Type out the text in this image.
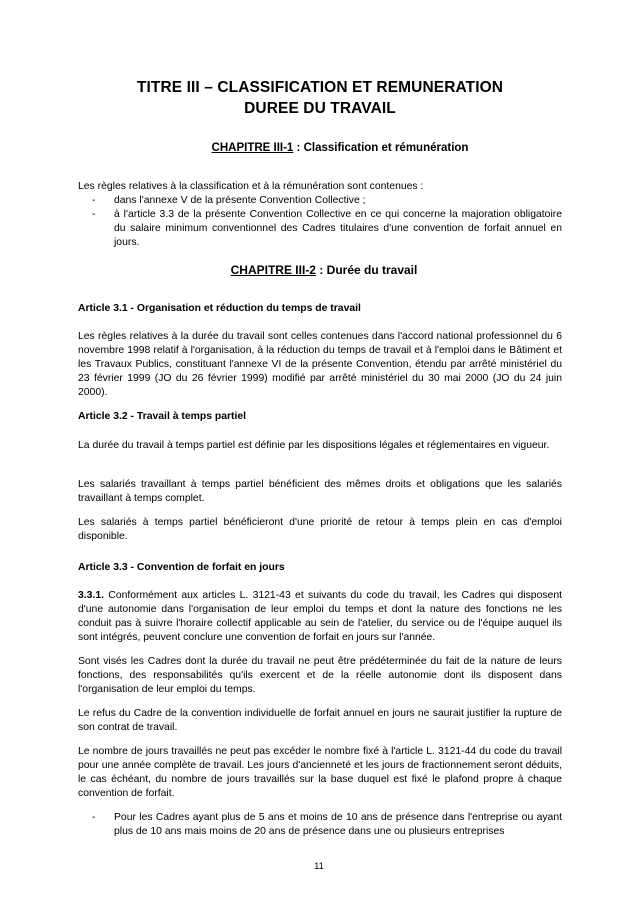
TITRE III – CLASSIFICATION ET REMUNERATION

DUREE DU TRAVAIL

CHAPITRE III-1 : Classification et rémunération
Les règles relatives à la classification et à la rémunération sont contenues :
- dans l'annexe V de la présente Convention Collective ;
- à l'article 3.3 de la présente Convention Collective en ce qui concerne la majoration obligatoire du salaire minimum conventionnel des Cadres titulaires d'une convention de forfait annuel en jours.
CHAPITRE III-2 : Durée du travail
Article 3.1 - Organisation et réduction du temps de travail
Les règles relatives à la durée du travail sont celles contenues dans l'accord national professionnel du 6 novembre 1998 relatif à l'organisation, à la réduction du temps de travail et à l'emploi dans le Bâtiment et les Travaux Publics, constituant l'annexe VI de la présente Convention, étendu par arrêté ministériel du 23 février 1999 (JO du 26 février 1999) modifié par arrêté ministériel du 30 mai 2000 (JO du 24 juin 2000).
Article 3.2 - Travail à temps partiel
La durée du travail à temps partiel est définie par les dispositions légales et réglementaires en vigueur.
Les salariés travaillant à temps partiel bénéficient des mêmes droits et obligations que les salariés travaillant à temps complet.
Les salariés à temps partiel bénéficieront d'une priorité de retour à temps plein en cas d'emploi disponible.
Article 3.3 - Convention de forfait en jours
3.3.1. Conformément aux articles L. 3121-43 et suivants du code du travail, les Cadres qui disposent d'une autonomie dans l'organisation de leur emploi du temps et dont la nature des fonctions ne les conduit pas à suivre l'horaire collectif applicable au sein de l'atelier, du service ou de l'équipe auquel ils sont intégrés, peuvent conclure une convention de forfait en jours sur l'année.
Sont visés les Cadres dont la durée du travail ne peut être prédéterminée du fait de la nature de leurs fonctions, des responsabilités qu'ils exercent et de la réelle autonomie dont ils disposent dans l'organisation de leur emploi du temps.
Le refus du Cadre de la convention individuelle de forfait annuel en jours ne saurait justifier la rupture de son contrat de travail.
Le nombre de jours travaillés ne peut pas excéder le nombre fixé à l'article L. 3121-44 du code du travail pour une année complète de travail. Les jours d'ancienneté et les jours de fractionnement seront déduits, le cas échéant, du nombre de jours travaillés sur la base duquel est fixé le plafond propre à chaque convention de forfait.
- Pour les Cadres ayant plus de 5 ans et moins de 10 ans de présence dans l'entreprise ou ayant plus de 10 ans mais moins de 20 ans de présence dans une ou plusieurs entreprises
11
